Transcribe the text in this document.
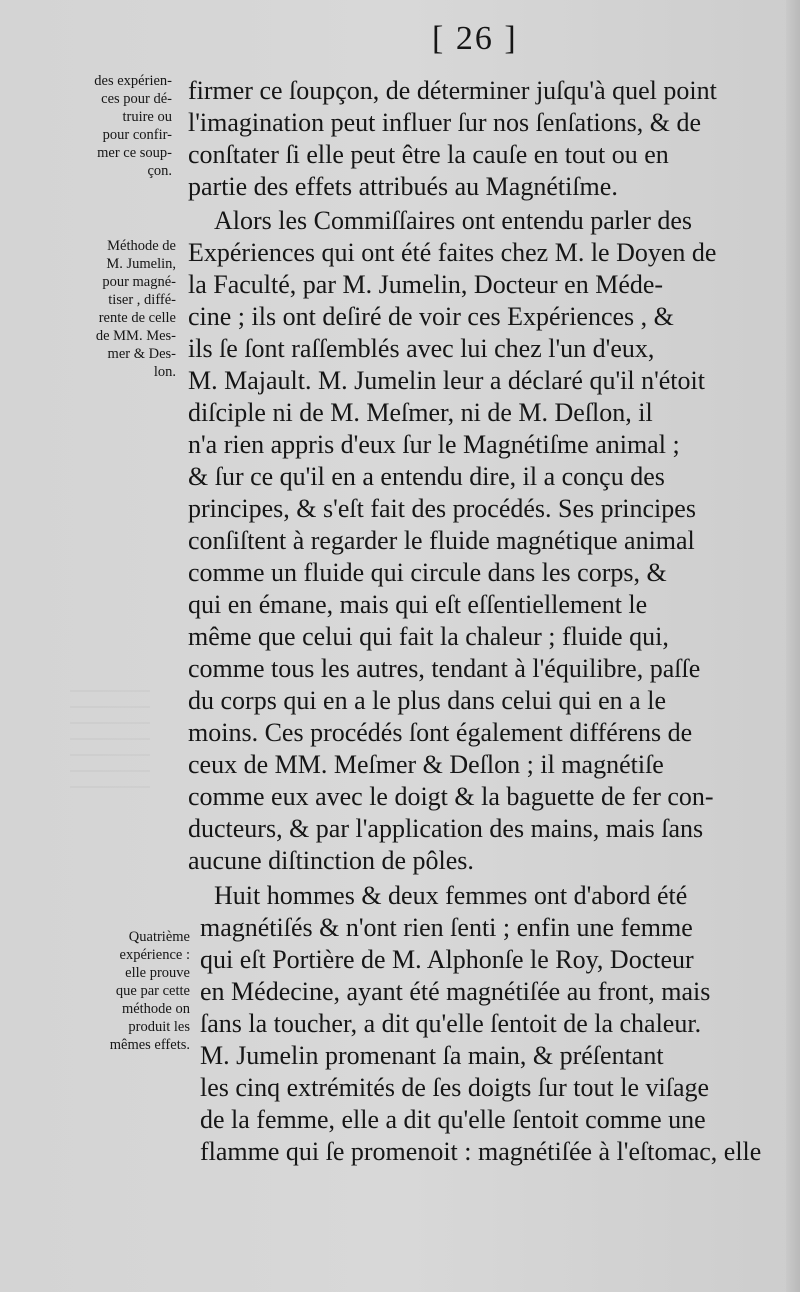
[ 26 ]
des expérien-
ces pour dé-
truire ou
pour confir-
mer ce soup-
çon.
Méthode de
M. Jumelin,
pour magné-
tiser , diffé-
rente de celle
de MM. Mes-
mer & Des-
lon.
Quatrième
expérience :
elle prouve
que par cette
méthode on
produit les
mêmes effets.
firmer ce ſoupçon, de déterminer juſqu'à quel point
l'imagination peut influer ſur nos ſenſations, & de
conſtater ſi elle peut être la cauſe en tout ou en
partie des effets attribués au Magnétiſme.
Alors les Commiſſaires ont entendu parler des
Expériences qui ont été faites chez M. le Doyen de
la Faculté, par M. Jumelin, Docteur en Méde-
cine ; ils ont deſiré de voir ces Expériences , &
ils ſe ſont raſſemblés avec lui chez l'un d'eux,
M. Majault. M. Jumelin leur a déclaré qu'il n'étoit
diſciple ni de M. Meſmer, ni de M. Deſlon, il
n'a rien appris d'eux ſur le Magnétiſme animal ;
& ſur ce qu'il en a entendu dire, il a conçu des
principes, & s'eſt fait des procédés. Ses principes
conſiſtent à regarder le fluide magnétique animal
comme un fluide qui circule dans les corps, &
qui en émane, mais qui eſt eſſentiellement le
même que celui qui fait la chaleur ; fluide qui,
comme tous les autres, tendant à l'équilibre, paſſe
du corps qui en a le plus dans celui qui en a le
moins. Ces procédés ſont également différens de
ceux de MM. Meſmer & Deſlon ; il magnétiſe
comme eux avec le doigt & la baguette de fer con-
ducteurs, & par l'application des mains, mais ſans
aucune diſtinction de pôles.
Huit hommes & deux femmes ont d'abord été
magnétiſés & n'ont rien ſenti ; enfin une femme
qui eſt Portière de M. Alphonſe le Roy, Docteur
en Médecine, ayant été magnétiſée au front, mais
ſans la toucher, a dit qu'elle ſentoit de la chaleur.
M. Jumelin promenant ſa main, & préſentant
les cinq extrémités de ſes doigts ſur tout le viſage
de la femme, elle a dit qu'elle ſentoit comme une
flamme qui ſe promenoit : magnétiſée à l'eſtomac, elle
